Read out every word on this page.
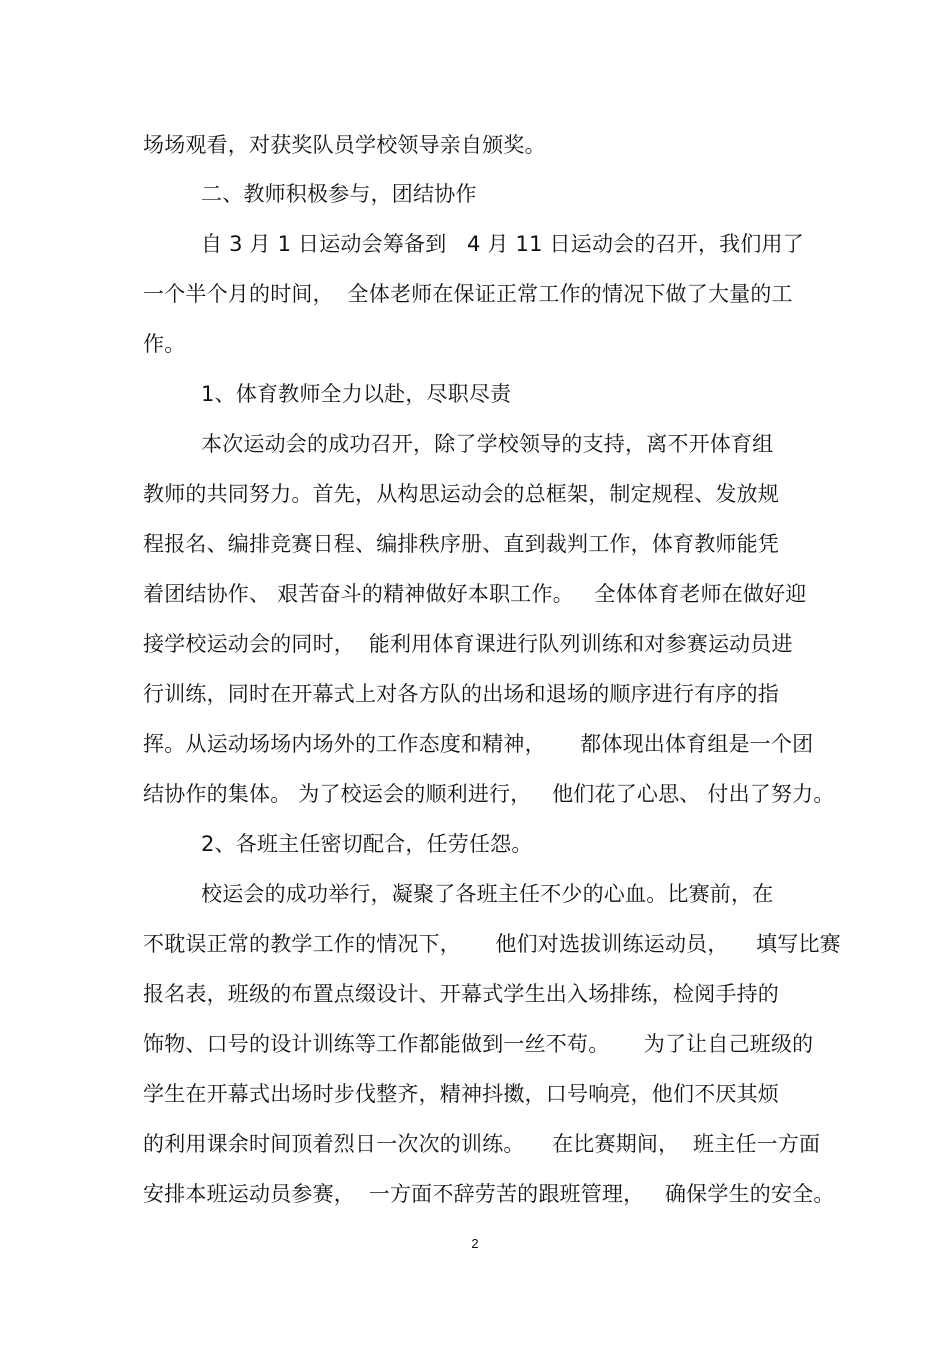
场场观看，对获奖队员学校领导亲自颁奖。
二、教师积极参与，团结协作
自 3 月 1 日运动会筹备到   4 月 11 日运动会的召开，我们用了
一个半个月的时间，  全体老师在保证正常工作的情况下做了大量的工
作。
1、体育教师全力以赴，尽职尽责
本次运动会的成功召开，除了学校领导的支持，离不开体育组
教师的共同努力。首先，从构思运动会的总框架，制定规程、发放规
程报名、编排竞赛日程、编排秩序册、直到裁判工作，体育教师能凭
着团结协作、 艰苦奋斗的精神做好本职工作。   全体体育老师在做好迎
接学校运动会的同时，  能利用体育课进行队列训练和对参赛运动员进
行训练，同时在开幕式上对各方队的出场和退场的顺序进行有序的指
挥。从运动场场内场外的工作态度和精神，     都体现出体育组是一个团
结协作的集体。 为了校运会的顺利进行，   他们花了心思、 付出了努力。
2、各班主任密切配合，任劳任怨。
校运会的成功举行，凝聚了各班主任不少的心血。比赛前，在
不耽误正常的教学工作的情况下，     他们对选拔训练运动员，    填写比赛
报名表，班级的布置点缀设计、开幕式学生出入场排练，检阅手持的
饰物、口号的设计训练等工作都能做到一丝不苟。     为了让自己班级的
学生在开幕式出场时步伐整齐，精神抖擞，口号响亮，他们不厌其烦
的利用课余时间顶着烈日一次次的训练。    在比赛期间，  班主任一方面
安排本班运动员参赛，  一方面不辞劳苦的跟班管理，   确保学生的安全。
2
